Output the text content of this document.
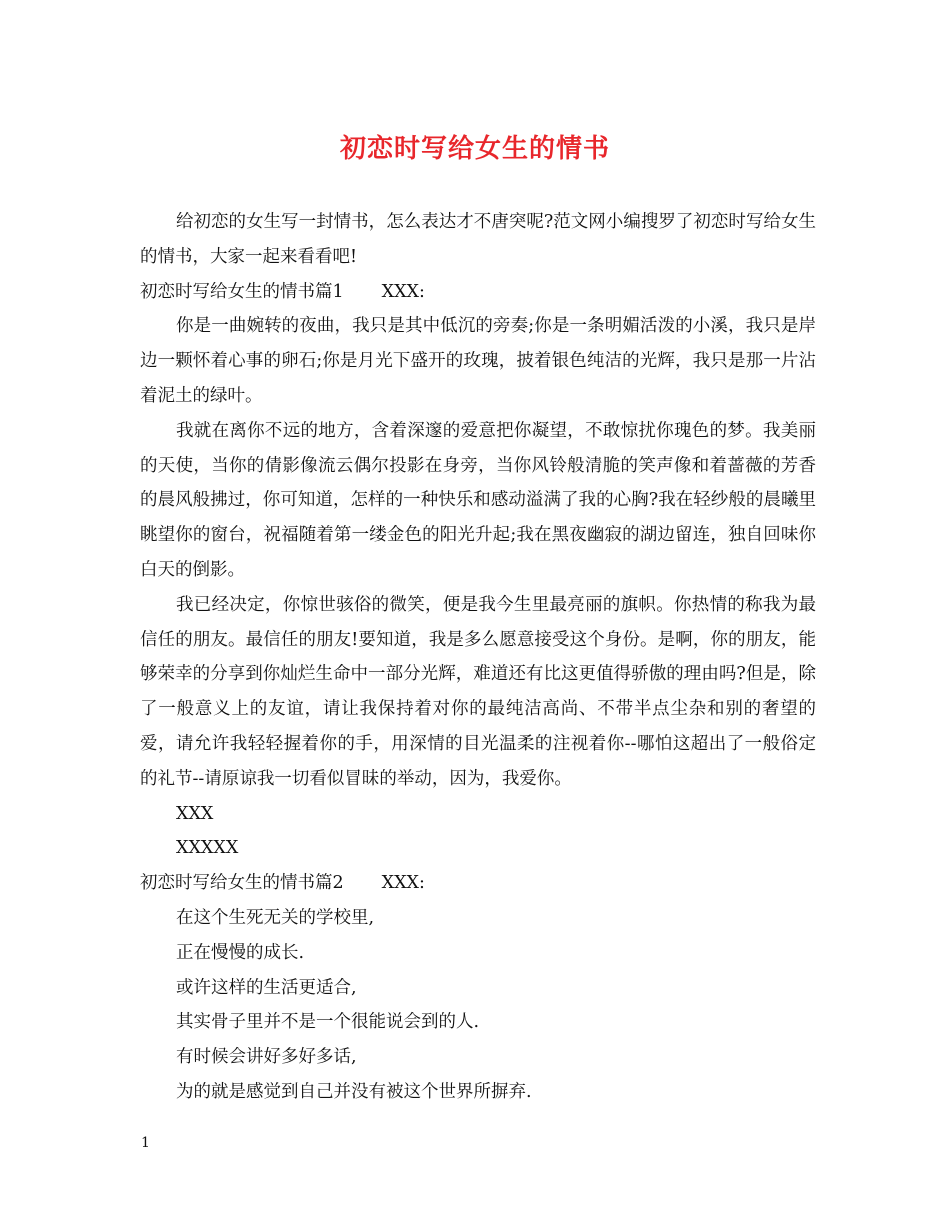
初恋时写给女生的情书

给初恋的女生写一封情书，怎么表达才不唐突呢?范文网小编搜罗了初恋时写给女生的情书，大家一起来看看吧!

初恋时写给女生的情书篇1 XXX:

你是一曲婉转的夜曲，我只是其中低沉的旁奏;你是一条明媚活泼的小溪，我只是岸边一颗怀着心事的卵石;你是月光下盛开的玫瑰，披着银色纯洁的光辉，我只是那一片沾着泥土的绿叶。

我就在离你不远的地方，含着深邃的爱意把你凝望，不敢惊扰你瑰色的梦。我美丽的天使，当你的倩影像流云偶尔投影在身旁，当你风铃般清脆的笑声像和着蔷薇的芳香的晨风般拂过，你可知道，怎样的一种快乐和感动溢满了我的心胸?我在轻纱般的晨曦里眺望你的窗台，祝福随着第一缕金色的阳光升起;我在黑夜幽寂的湖边留连，独自回味你白天的倒影。

我已经决定，你惊世骇俗的微笑，便是我今生里最亮丽的旗帜。你热情的称我为最信任的朋友。最信任的朋友!要知道，我是多么愿意接受这个身份。是啊，你的朋友，能够荣幸的分享到你灿烂生命中一部分光辉，难道还有比这更值得骄傲的理由吗?但是，除了一般意义上的友谊，请让我保持着对你的最纯洁高尚、不带半点尘杂和别的奢望的爱，请允许我轻轻握着你的手，用深情的目光温柔的注视着你--哪怕这超出了一般俗定的礼节--请原谅我一切看似冒昧的举动，因为，我爱你。

XXX

XXXXX

初恋时写给女生的情书篇2 XXX:

在这个生死无关的学校里,

正在慢慢的成长.

或许这样的生活更适合,

其实骨子里并不是一个很能说会到的人.

有时候会讲好多好多话,

为的就是感觉到自己并没有被这个世界所摒弃.

1
